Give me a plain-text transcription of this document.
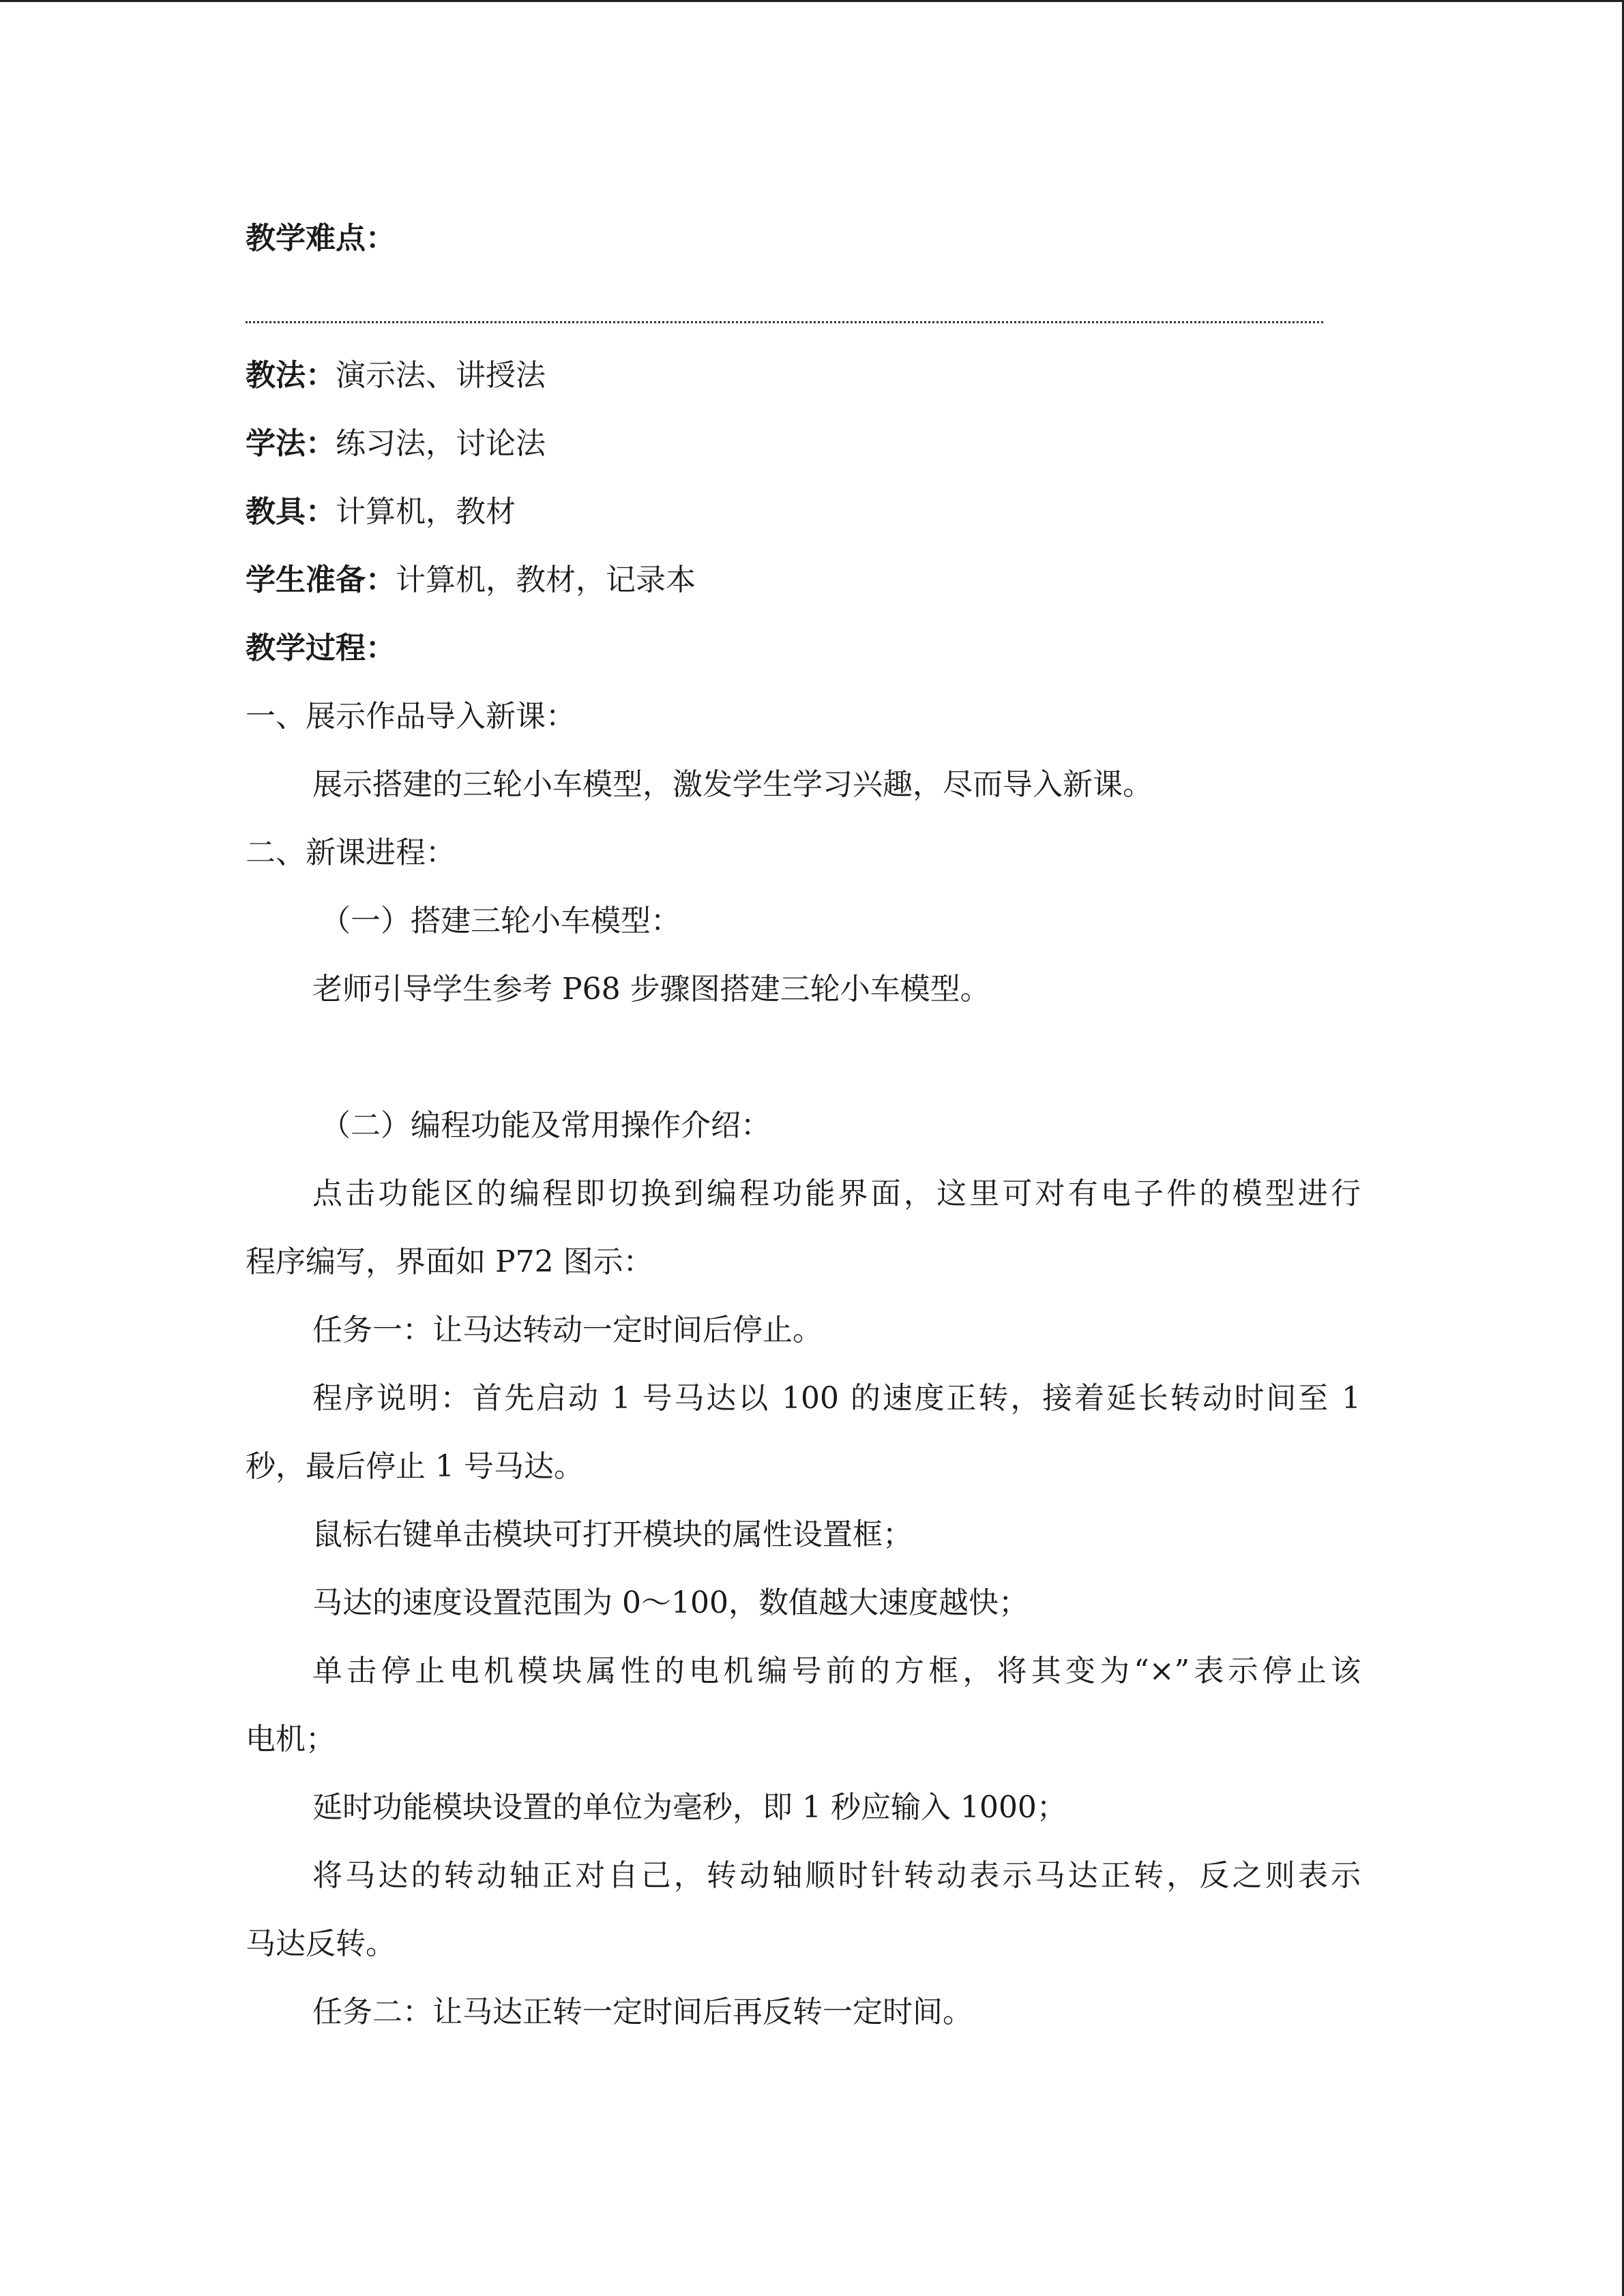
教学难点：
教法：演示法、讲授法
学法：练习法，讨论法
教具：计算机，教材
学生准备：计算机，教材，记录本
教学过程：
一、展示作品导入新课：
展示搭建的三轮小车模型，激发学生学习兴趣，尽而导入新课。
二、新课进程：
（一）搭建三轮小车模型：
老师引导学生参考 P68 步骤图搭建三轮小车模型。
（二）编程功能及常用操作介绍：
点击功能区的编程即切换到编程功能界面，这里可对有电子件的模型进行
程序编写，界面如 P72 图示：
任务一：让马达转动一定时间后停止。
程序说明：首先启动 1 号马达以 100 的速度正转，接着延长转动时间至 1
秒，最后停止 1 号马达。
鼠标右键单击模块可打开模块的属性设置框；
马达的速度设置范围为 0～100，数值越大速度越快；
单击停止电机模块属性的电机编号前的方框，将其变为“×”表示停止该
电机；
延时功能模块设置的单位为毫秒，即 1 秒应输入 1000；
将马达的转动轴正对自己，转动轴顺时针转动表示马达正转，反之则表示
马达反转。
任务二：让马达正转一定时间后再反转一定时间。
